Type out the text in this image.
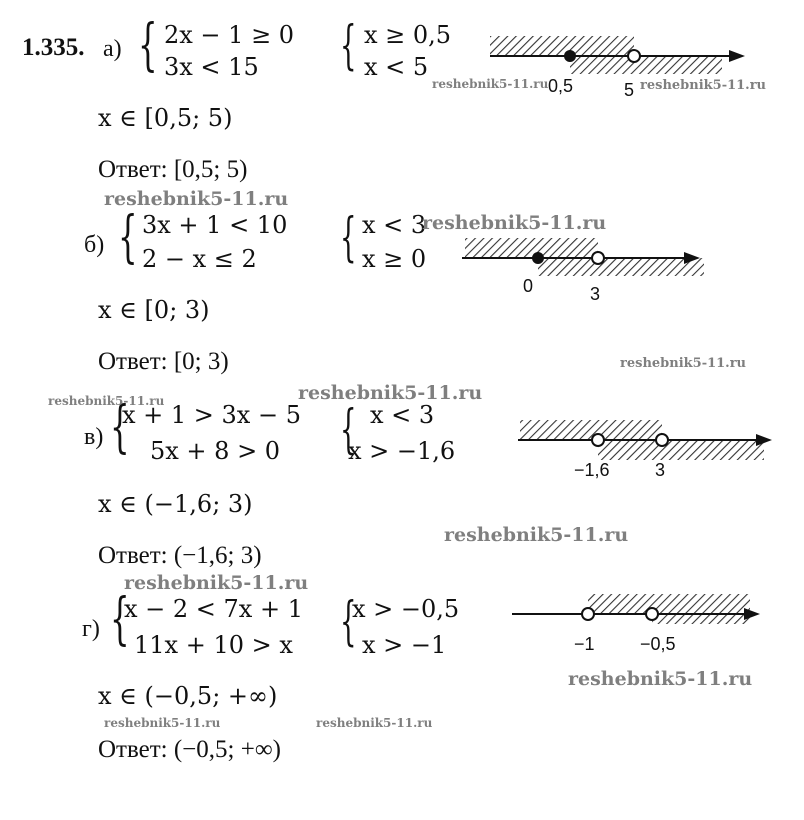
1.335. а) { 2x − 1 ≥ 0
3x < 15 { x ≥ 0,5
x < 5
0,5	5
x ∈ [0,5; 5)
Ответ: [0,5; 5)
б) { 3x + 1 < 10
2 − x ≤ 2 { x < 3
x ≥ 0
0	3
x ∈ [0; 3)
Ответ: [0; 3)
в) {
x + 1 > 3x − 5
5x + 8 > 0 { x < 3
x > −1,6
−1,6	3
x ∈ (−1,6; 3)
Ответ: (−1,6; 3)
г) {
x − 2 < 7x + 1
11x + 10 > x {
x > −0,5
x > −1	−1	−0,5
x ∈ (−0,5; +∞)
Ответ: (−0,5; +∞)
reshebnik5-11.ru	reshebnik5-11.ru
reshebnik5-11.ru
reshebnik5-11.ru
reshebnik5-11.ru
reshebnik5-11.ru	reshebnik5-11.ru
reshebnik5-11.ru
reshebnik5-11.ru
reshebnik5-11.ru
reshebnik5-11.ru	reshebnik5-11.ru
